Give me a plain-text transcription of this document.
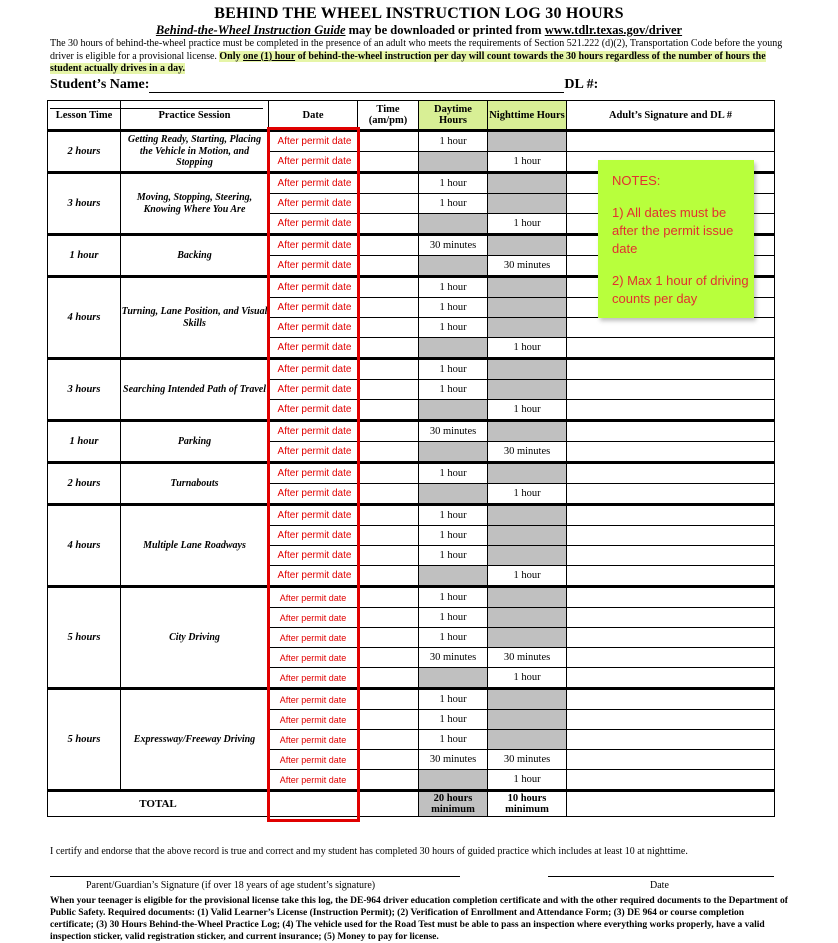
BEHIND THE WHEEL INSTRUCTION LOG 30 HOURS
Behind-the-Wheel Instruction Guide may be downloaded or printed from www.tdlr.texas.gov/driver
The 30 hours of behind-the-wheel practice must be completed in the presence of an adult who meets the requirements of Section 521.222 (d)(2), Transportation Code before the young driver is eligible for a provisional license. Only one (1) hour of behind-the-wheel instruction per day will count towards the 30 hours regardless of the number of hours the student actually drives in a day.
Student’s Name:	DL #:
Lesson Time	Practice Session	Date	Time (am/pm)	Daytime Hours	Nighttime Hours	Adult’s Signature and DL #
2 hours	Getting Ready, Starting, Placing the Vehicle in Motion, and Stopping	After permit date		1 hour		
		After permit date			1 hour	
3 hours	Moving, Stopping, Steering, Knowing Where You Are	After permit date		1 hour		
		After permit date		1 hour		
		After permit date			1 hour	
1 hour	Backing	After permit date		30 minutes		
		After permit date			30 minutes	
4 hours	Turning, Lane Position, and Visual Skills	After permit date		1 hour		
		After permit date		1 hour		
		After permit date		1 hour		
		After permit date			1 hour	
3 hours	Searching Intended Path of Travel	After permit date		1 hour		
		After permit date		1 hour		
		After permit date			1 hour	
1 hour	Parking	After permit date		30 minutes		
		After permit date			30 minutes	
2 hours	Turnabouts	After permit date		1 hour		
		After permit date			1 hour	
4 hours	Multiple Lane Roadways	After permit date		1 hour		
		After permit date		1 hour		
		After permit date		1 hour		
		After permit date			1 hour	
5 hours	City Driving	After permit date		1 hour		
		After permit date		1 hour		
		After permit date		1 hour		
		After permit date		30 minutes	30 minutes	
		After permit date			1 hour	
5 hours	Expressway/Freeway Driving	After permit date		1 hour		
		After permit date		1 hour		
		After permit date		1 hour		
		After permit date		30 minutes	30 minutes	
		After permit date			1 hour	
TOTAL				20 hours minimum	10 hours minimum	

NOTES:

1) All dates must be after the permit issue date

2) Max 1 hour of driving counts per day

I certify and endorse that the above record is true and correct and my student has completed 30 hours of guided practice which includes at least 10 at nighttime.
Parent/Guardian’s Signature (if over 18 years of age student’s signature)	Date
When your teenager is eligible for the provisional license take this log, the DE-964 driver education completion certificate and with the other required documents to the Department of Public Safety. Required documents: (1) Valid Learner’s License (Instruction Permit); (2) Verification of Enrollment and Attendance Form; (3) DE 964 or course completion certificate; (3) 30 Hours Behind-the-Wheel Practice Log; (4) The vehicle used for the Road Test must be able to pass an inspection where everything works properly, have a valid inspection sticker, valid registration sticker, and current insurance; (5) Money to pay for license.
